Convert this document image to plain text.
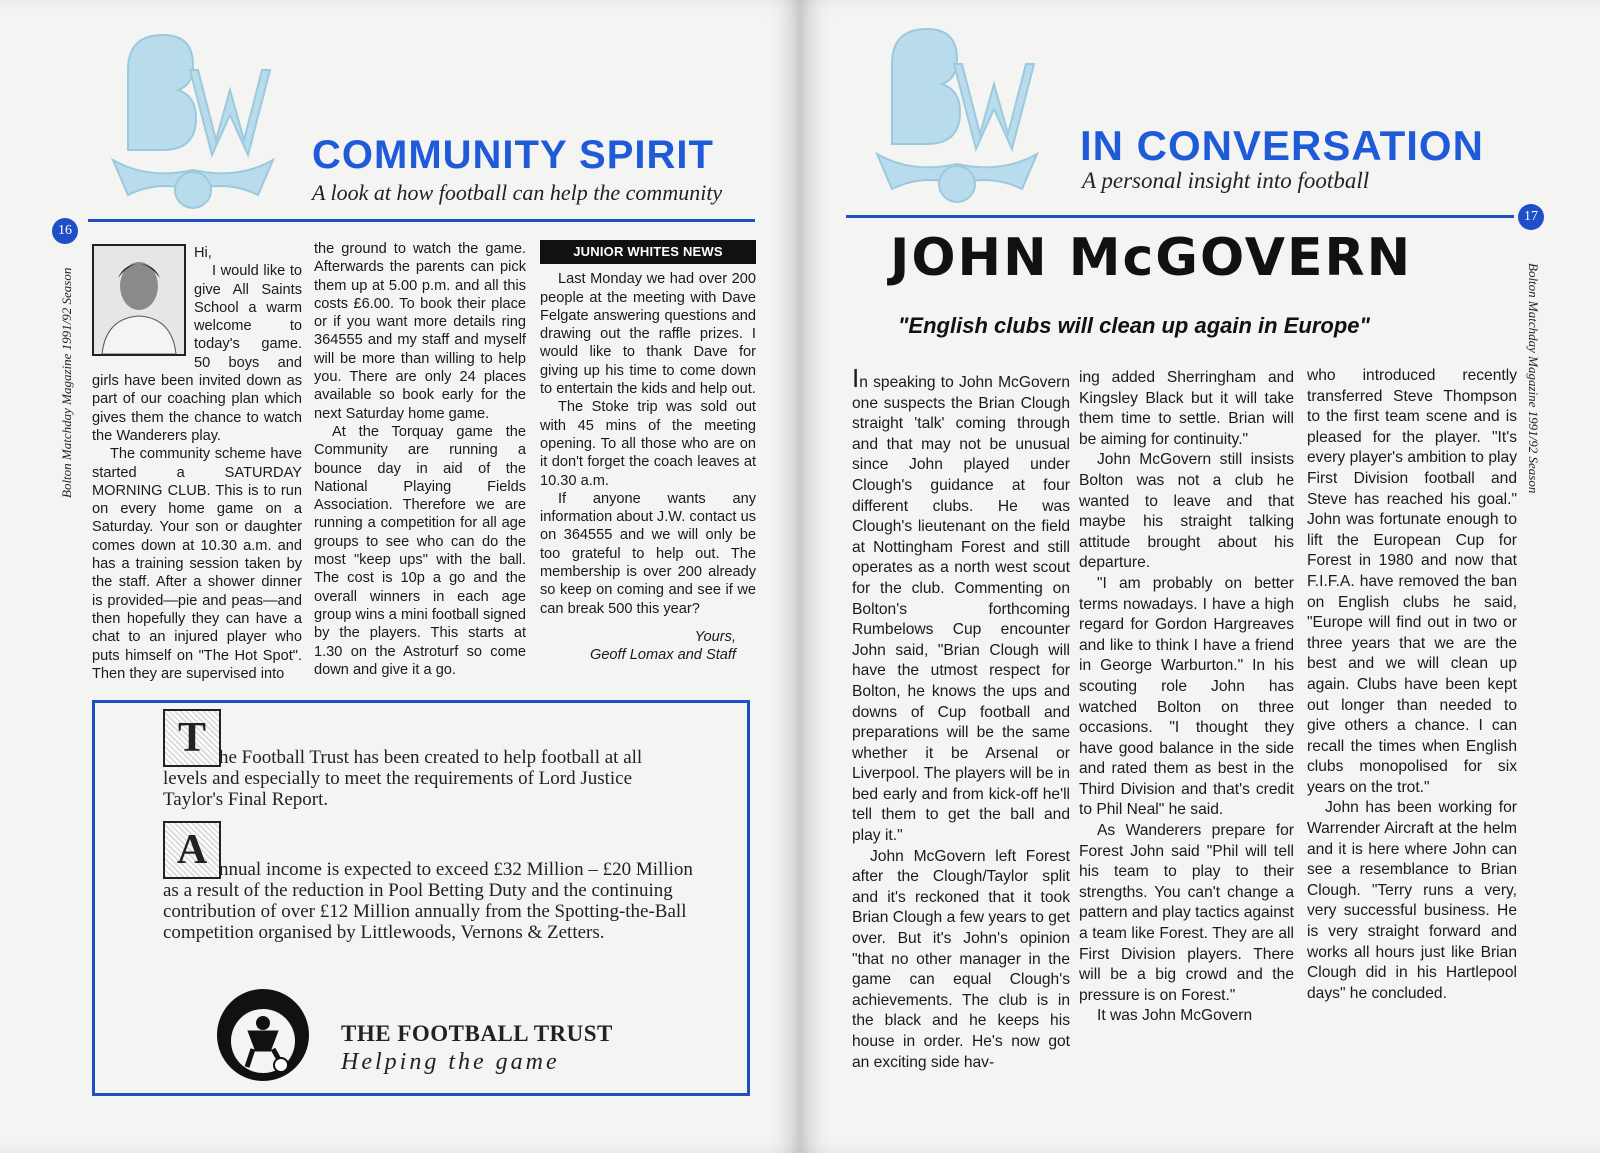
COMMUNITY SPIRIT
A look at how football can help the community
16
Bolton Matchday Magazine 1991/92 Season

Hi,

I would like to give All Saints School a warm welcome to today's game. 50 boys and girls have been invited down as part of our coaching plan which gives them the chance to watch the Wanderers play.

The community scheme have started a SATURDAY MORNING CLUB. This is to run on every home game on a Saturday. Your son or daughter comes down at 10.30 a.m. and has a training session taken by the staff. After a shower dinner is provided—pie and peas—and then hopefully they can have a chat to an injured player who puts himself on "The Hot Spot". Then they are supervised into

the ground to watch the game. Afterwards the parents can pick them up at 5.00 p.m. and all this costs £6.00. To book their place or if you want more details ring 364555 and my staff and myself will be more than willing to help you. There are only 24 places available so book early for the next Saturday home game.

At the Torquay game the Community are running a bounce day in aid of the National Playing Fields Association. Therefore we are running a competition for all age groups to see who can do the most "keep ups" with the ball. The cost is 10p a go and the overall winners in each age group wins a mini football signed by the players. This starts at 1.30 on the Astroturf so come down and give it a go.

JUNIOR WHITES NEWS

Last Monday we had over 200 people at the meeting with Dave Felgate answering questions and drawing out the raffle prizes. I would like to thank Dave for giving up his time to come down to entertain the kids and help out.

The Stoke trip was sold out with 45 mins of the meeting opening. To all those who are on it don't forget the coach leaves at 10.30 a.m.

If anyone wants any information about J.W. contact us on 364555 and we will only be too grateful to help out. The membership is over 200 already so keep on coming and see if we can break 500 this year?

Yours,

Geoff Lomax and Staff

T he Football Trust has been created to help football at all levels and especially to meet the requirements of Lord Justice Taylor's Final Report.
A nnual income is expected to exceed £32 Million – £20 Million as a result of the reduction in Pool Betting Duty and the continuing contribution of over £12 Million annually from the Spotting-the-Ball competition organised by Littlewoods, Vernons & Zetters.
THE FOOTBALL TRUST
Helping the game
IN CONVERSATION
A personal insight into football
17
Bolton Matchday Magazine 1991/92 Season
JOHN McGOVERN
"English clubs will clean up again in Europe"

In speaking to John McGovern one suspects the Brian Clough straight 'talk' coming through and that may not be unusual since John played under Clough's guidance at four different clubs. He was Clough's lieutenant on the field at Nottingham Forest and still operates as a north west scout for the club. Commenting on Bolton's forthcoming Rumbelows Cup encounter John said, "Brian Clough will have the utmost respect for Bolton, he knows the ups and downs of Cup football and preparations will be the same whether it be Arsenal or Liverpool. The players will be in bed early and from kick-off he'll tell them to get the ball and play it."

John McGovern left Forest after the Clough/Taylor split and it's reckoned that it took Brian Clough a few years to get over. But it's John's opinion "that no other manager in the game can equal Clough's achievements. The club is in the black and he keeps his house in order. He's now got an exciting side hav-

ing added Sherringham and Kingsley Black but it will take them time to settle. Brian will be aiming for continuity."

John McGovern still insists Bolton was not a club he wanted to leave and that maybe his straight talking attitude brought about his departure.

"I am probably on better terms nowadays. I have a high regard for Gordon Hargreaves and like to think I have a friend in George Warburton." In his scouting role John has watched Bolton on three occasions. "I thought they have good balance in the side and rated them as best in the Third Division and that's credit to Phil Neal" he said.

As Wanderers prepare for Forest John said "Phil will tell his team to play to their strengths. You can't change a pattern and play tactics against a team like Forest. They are all First Division players. There will be a big crowd and the pressure is on Forest."

It was John McGovern

who introduced recently transferred Steve Thompson to the first team scene and is pleased for the player. "It's every player's ambition to play First Division football and Steve has reached his goal." John was fortunate enough to lift the European Cup for Forest in 1980 and now that F.I.F.A. have removed the ban on English clubs he said, "Europe will find out in two or three years that we are the best and we will clean up again. Clubs have been kept out longer than needed to give others a chance. I can recall the times when English clubs monopolised for six years on the trot."

John has been working for Warrender Aircraft at the helm and it is here where John can see a resemblance to Brian Clough. "Terry runs a very, very successful business. He is very straight forward and works all hours just like Brian Clough did in his Hartlepool days" he concluded.
